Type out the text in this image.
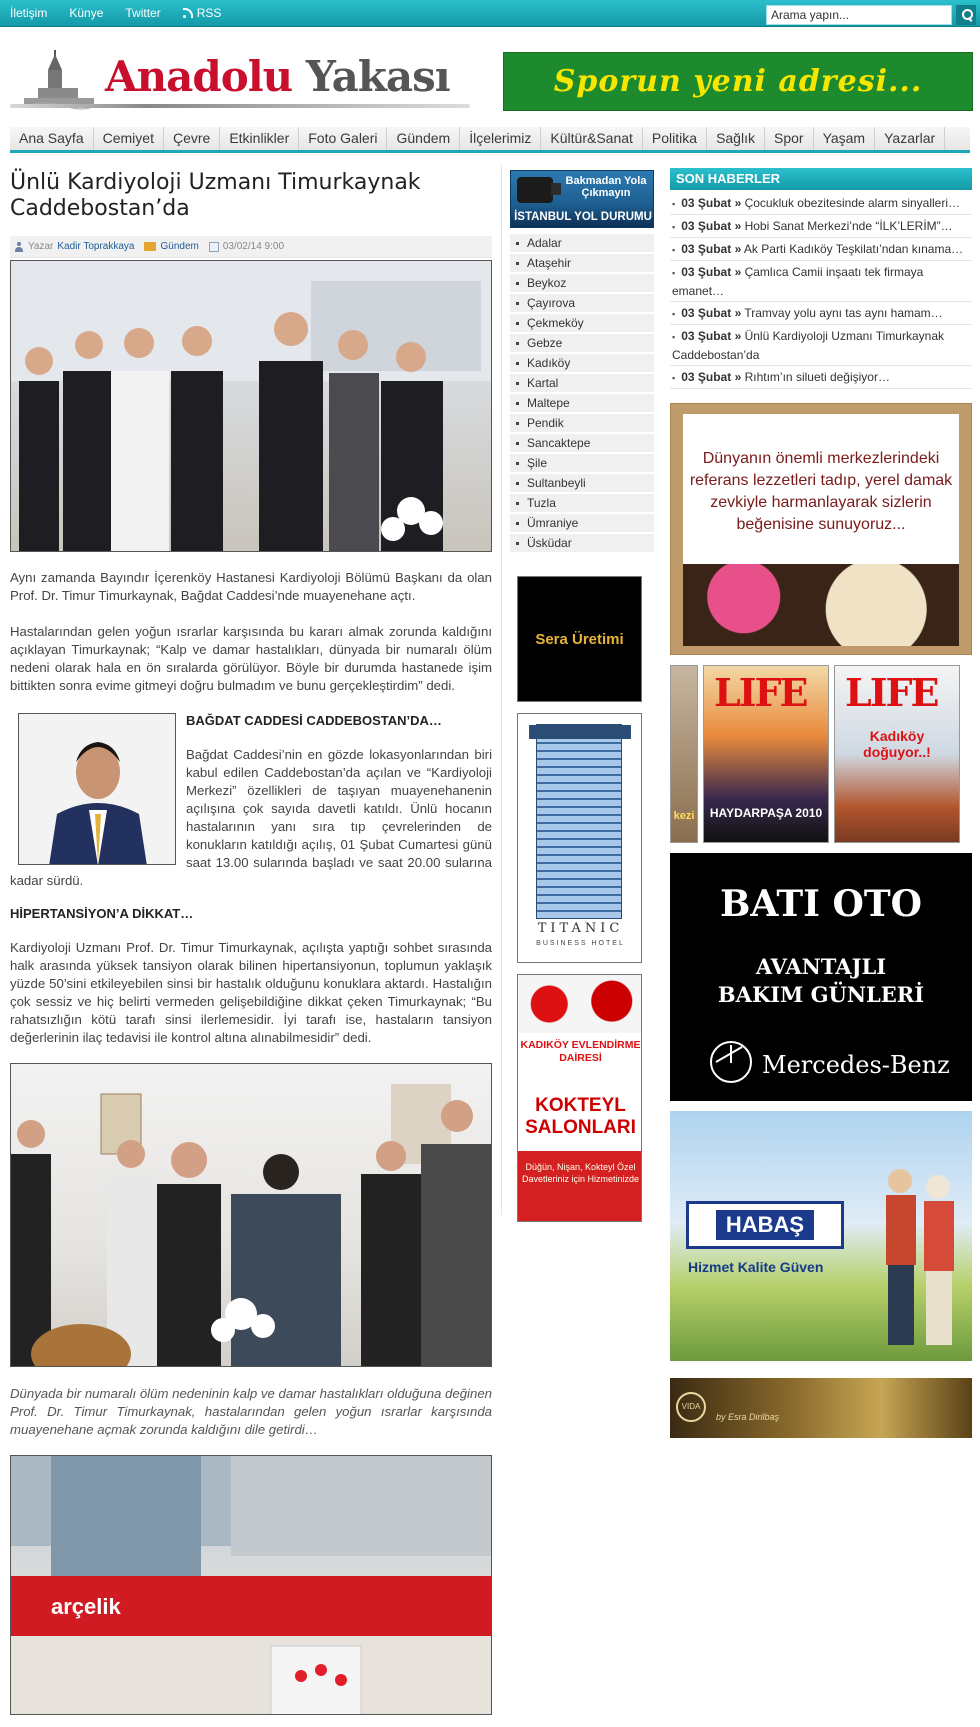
İletişim Künye Twitter	RSS
Arama yapın...
Anadolu Yakası	Sporun yeni adresi...
Ana Sayfa	Cemiyet	Çevre	Etkinlikler	Foto Galeri	Gündem	İlçelerimiz	Kültür&Sanat	Politika	Sağlık	Spor	Yaşam	Yazarlar
Ünlü Kardiyoloji Uzmanı Timurkaynak Caddebostan’da
Yazar Kadir Toprakkaya	Gündem 03/02/14 9:00

Aynı zamanda Bayındır İçerenköy Hastanesi Kardiyoloji Bölümü Başkanı da olan Prof. Dr. Timur Timurkaynak, Bağdat Caddesi’nde muayenehane açtı.

Hastalarından gelen yoğun ısrarlar karşısında bu kararı almak zorunda kaldığını açıklayan Timurkaynak; “Kalp ve damar hastalıkları, dünyada bir numaralı ölüm nedeni olarak hala en ön sıralarda görülüyor. Böyle bir durumda hastanede işim bittikten sonra evime gitmeyi doğru bulmadım ve bunu gerçekleştirdim” dedi.

BAĞDAT CADDESİ CADDEBOSTAN’DA…

Bağdat Caddesi’nin en gözde lokasyonlarından biri kabul edilen Caddebostan’da açılan ve “Kardiyoloji Merkezi” özellikleri de taşıyan muayenehanenin açılışına çok sayıda davetli katıldı. Ünlü hocanın hastalarının yanı sıra tıp çevrelerinden de konukların katıldığı açılış, 01 Şubat Cumartesi günü saat 13.00 sularında başladı ve saat 20.00 sularına kadar sürdü.

HİPERTANSİYON’A DİKKAT…

Kardiyoloji Uzmanı Prof. Dr. Timur Timurkaynak, açılışta yaptığı sohbet sırasında halk arasında yüksek tansiyon olarak bilinen hipertansiyonun, toplumun yaklaşık yüzde 50’sini etkileyebilen sinsi bir hastalık olduğunu konuklara aktardı. Hastalığın çok sessiz ve hiç belirti vermeden gelişebildiğine dikkat çeken Timurkaynak; “Bu rahatsızlığın kötü tarafı sinsi ilerlemesidir. İyi tarafı ise, hastaların tansiyon değerlerinin ilaç tedavisi ile kontrol altına alınabilmesidir” dedi.

Dünyada bir numaralı ölüm nedeninin kalp ve damar hastalıkları olduğuna değinen Prof. Dr. Timur Timurkaynak, hastalarından gelen yoğun ısrarlar karşısında muayenehane açmak zorunda kaldığını dile getirdi…

arçelik
Bakmadan Yola Çıkmayın
İSTANBUL YOL DURUMU
Adalar
Ataşehir
Beykoz
Çayırova
Çekmeköy
Gebze
Kadıköy
Kartal
Maltepe
Pendik
Sancaktepe
Şile
Sultanbeyli
Tuzla
Ümraniye
Üsküdar
Sera Üretimi
TITANIC
BUSINESS HOTEL
KADIKÖY EVLENDİRME DAİRESİ
KOKTEYL SALONLARI
Düğün, Nişan, Kokteyl Özel Davetleriniz için Hizmetinizde
SON HABERLER
▪ 03 Şubat » Çocukluk obezitesinde alarm sinyalleri…
▪ 03 Şubat » Hobi Sanat Merkezi’nde “İLK’LERİM”…
▪ 03 Şubat » Ak Parti Kadıköy Teşkilatı’ndan kınama…
▪ 03 Şubat » Çamlıca Camii inşaatı tek firmaya emanet…
▪ 03 Şubat » Tramvay yolu aynı tas aynı hamam…
▪ 03 Şubat » Ünlü Kardiyoloji Uzmanı Timurkaynak Caddebostan’da
▪ 03 Şubat » Rıhtım’ın silueti değişiyor…
Dünyanın önemli merkezlerindeki referans lezzetleri tadıp, yerel damak zevkiyle harmanlayarak sizlerin beğenisine sunuyoruz...
kezi
LIFE
HAYDARPAŞA 2010
LIFE
Kadıköy doğuyor..!
BATI OTO
AVANTAJLI
BAKIM GÜNLERİ
Mercedes-Benz
HABAŞ
Hizmet Kalite Güven
VIDA
by Esra Dirilbaş
